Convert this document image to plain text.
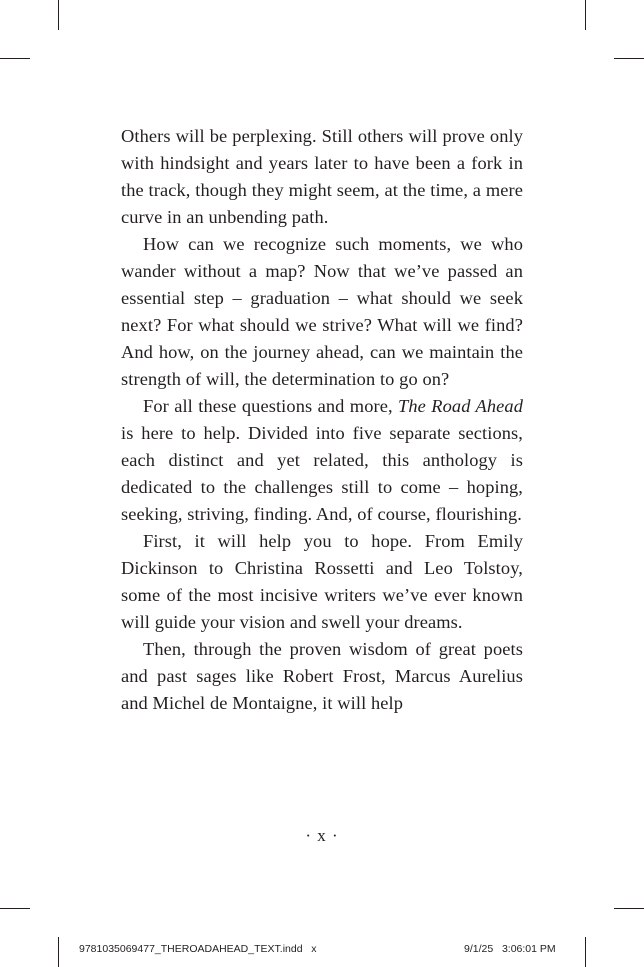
Others will be perplexing. Still others will prove only with hindsight and years later to have been a fork in the track, though they might seem, at the time, a mere curve in an unbending path.

How can we recognize such moments, we who wander without a map? Now that we’ve passed an essential step – graduation – what should we seek next? For what should we strive? What will we find? And how, on the journey ahead, can we maintain the strength of will, the determination to go on?

For all these questions and more, The Road Ahead is here to help. Divided into five separate sections, each distinct and yet related, this anthology is dedicated to the challenges still to come – hoping, seeking, striving, finding. And, of course, flourishing.

First, it will help you to hope. From Emily Dickinson to Christina Rossetti and Leo Tolstoy, some of the most incisive writers we’ve ever known will guide your vision and swell your dreams.

Then, through the proven wisdom of great poets and past sages like Robert Frost, Marcus Aurelius and Michel de Montaigne, it will help

· x ·
9781035069477_THEROADAHEAD_TEXT.indd   x	9/1/25   3:06:01 PM
